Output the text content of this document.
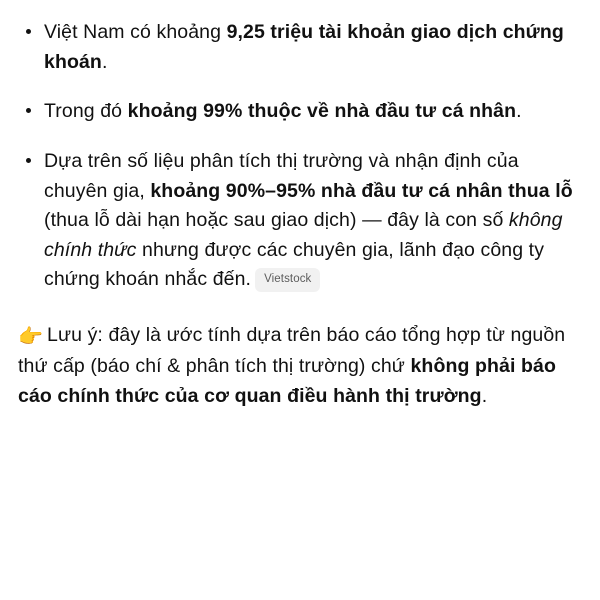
Việt Nam có khoảng 9,25 triệu tài khoản giao dịch chứng khoán.
Trong đó khoảng 99% thuộc về nhà đầu tư cá nhân.
Dựa trên số liệu phân tích thị trường và nhận định của chuyên gia, khoảng 90%–95% nhà đầu tư cá nhân thua lỗ (thua lỗ dài hạn hoặc sau giao dịch) — đây là con số không chính thức nhưng được các chuyên gia, lãnh đạo công ty chứng khoán nhắc đến. Vietstock
👉 Lưu ý: đây là ước tính dựa trên báo cáo tổng hợp từ nguồn thứ cấp (báo chí & phân tích thị trường) chứ không phải báo cáo chính thức của cơ quan điều hành thị trường.
